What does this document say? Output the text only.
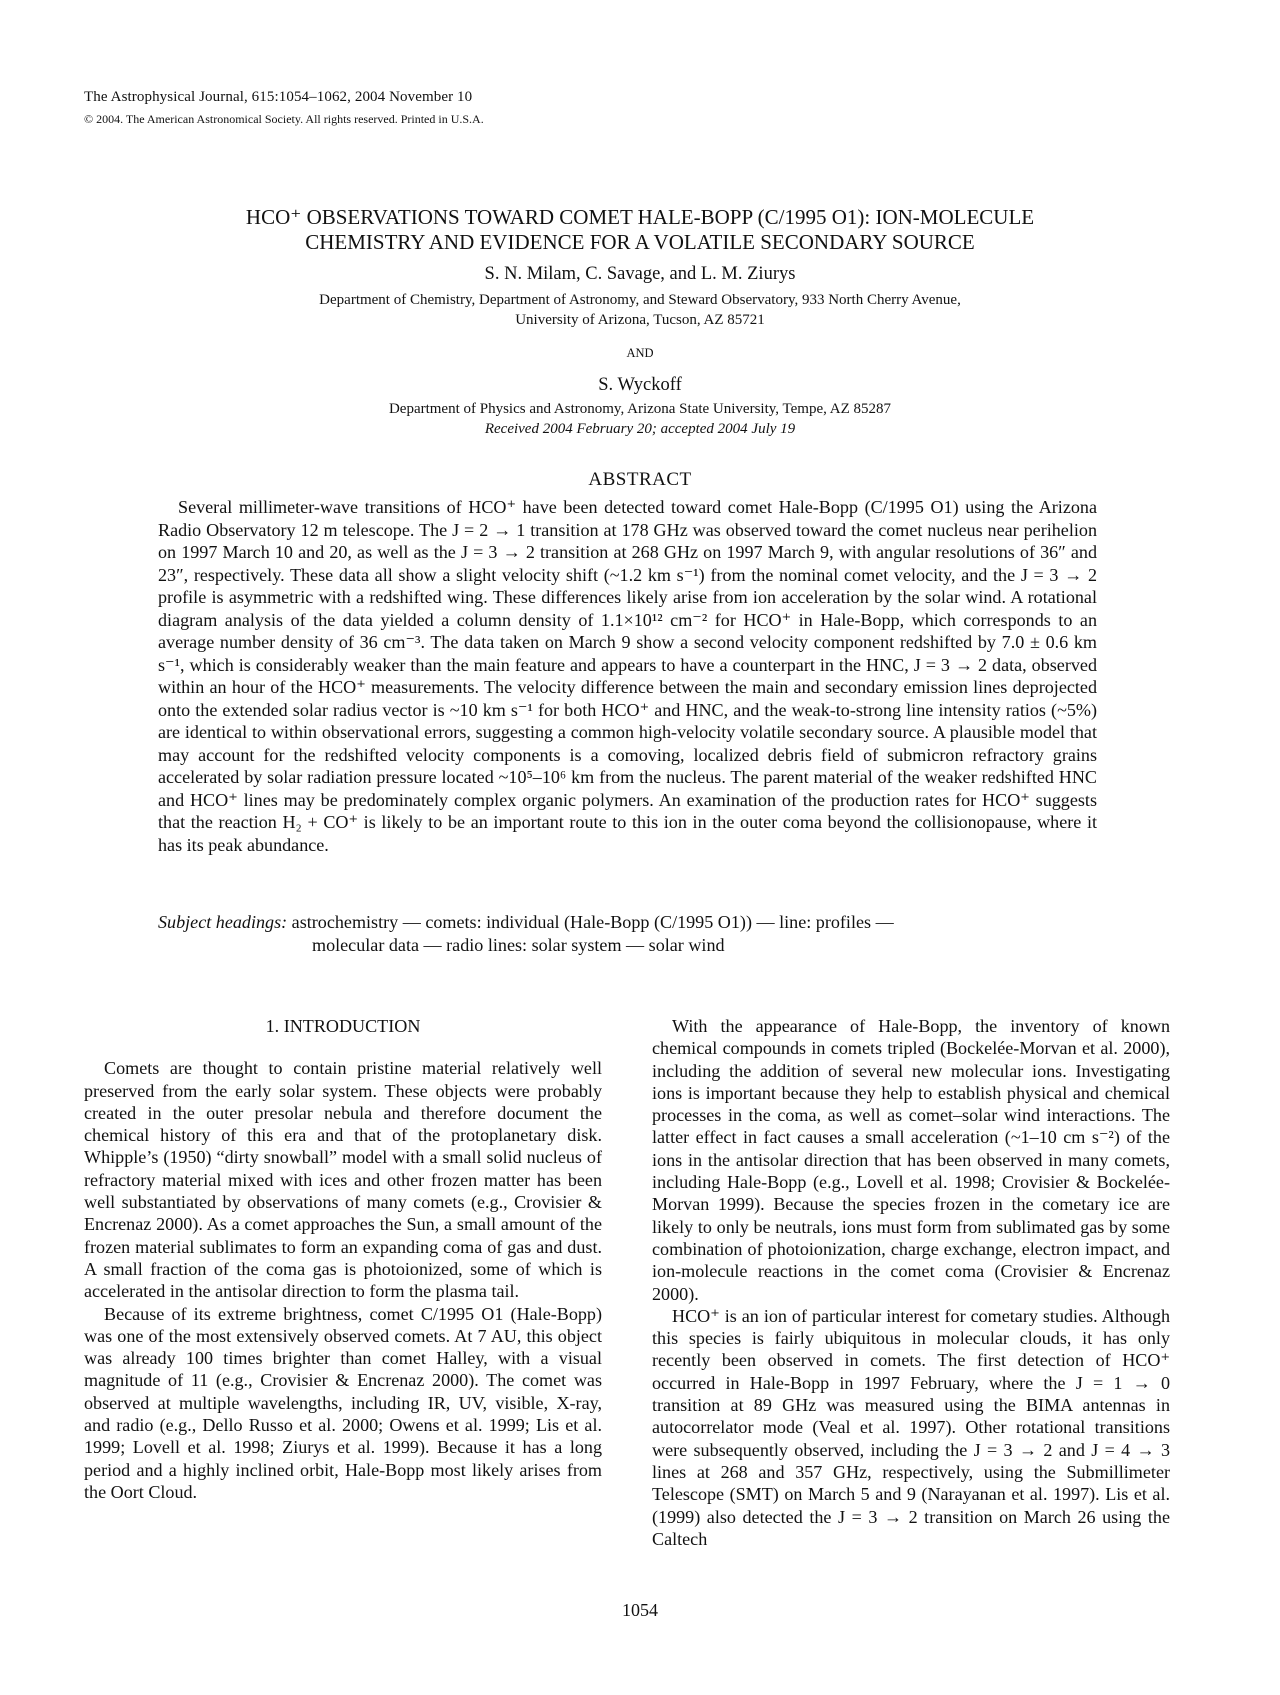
The Astrophysical Journal, 615:1054–1062, 2004 November 10
© 2004. The American Astronomical Society. All rights reserved. Printed in U.S.A.
HCO⁺ OBSERVATIONS TOWARD COMET HALE-BOPP (C/1995 O1): ION-MOLECULE
CHEMISTRY AND EVIDENCE FOR A VOLATILE SECONDARY SOURCE
S. N. Milam, C. Savage, and L. M. Ziurys
Department of Chemistry, Department of Astronomy, and Steward Observatory, 933 North Cherry Avenue,
University of Arizona, Tucson, AZ 85721
AND
S. Wyckoff
Department of Physics and Astronomy, Arizona State University, Tempe, AZ 85287
Received 2004 February 20; accepted 2004 July 19
ABSTRACT
Several millimeter-wave transitions of HCO⁺ have been detected toward comet Hale-Bopp (C/1995 O1) using the Arizona Radio Observatory 12 m telescope. The J = 2 → 1 transition at 178 GHz was observed toward the comet nucleus near perihelion on 1997 March 10 and 20, as well as the J = 3 → 2 transition at 268 GHz on 1997 March 9, with angular resolutions of 36″ and 23″, respectively. These data all show a slight velocity shift (~1.2 km s⁻¹) from the nominal comet velocity, and the J = 3 → 2 profile is asymmetric with a redshifted wing. These differences likely arise from ion acceleration by the solar wind. A rotational diagram analysis of the data yielded a column density of 1.1×10¹² cm⁻² for HCO⁺ in Hale-Bopp, which corresponds to an average number density of 36 cm⁻³. The data taken on March 9 show a second velocity component redshifted by 7.0 ± 0.6 km s⁻¹, which is considerably weaker than the main feature and appears to have a counterpart in the HNC, J = 3 → 2 data, observed within an hour of the HCO⁺ measurements. The velocity difference between the main and secondary emission lines deprojected onto the extended solar radius vector is ~10 km s⁻¹ for both HCO⁺ and HNC, and the weak-to-strong line intensity ratios (~5%) are identical to within observational errors, suggesting a common high-velocity volatile secondary source. A plausible model that may account for the redshifted velocity components is a comoving, localized debris field of submicron refractory grains accelerated by solar radiation pressure located ~10⁵–10⁶ km from the nucleus. The parent material of the weaker redshifted HNC and HCO⁺ lines may be predominately complex organic polymers. An examination of the production rates for HCO⁺ suggests that the reaction H₂ + CO⁺ is likely to be an important route to this ion in the outer coma beyond the collisionopause, where it has its peak abundance.
Subject headings: astrochemistry — comets: individual (Hale-Bopp (C/1995 O1)) — line: profiles —
molecular data — radio lines: solar system — solar wind
1. INTRODUCTION

Comets are thought to contain pristine material relatively well preserved from the early solar system. These objects were probably created in the outer presolar nebula and therefore document the chemical history of this era and that of the protoplanetary disk. Whipple’s (1950) “dirty snowball” model with a small solid nucleus of refractory material mixed with ices and other frozen matter has been well substantiated by observations of many comets (e.g., Crovisier & Encrenaz 2000). As a comet approaches the Sun, a small amount of the frozen material sublimates to form an expanding coma of gas and dust. A small fraction of the coma gas is photoionized, some of which is accelerated in the antisolar direction to form the plasma tail.

Because of its extreme brightness, comet C/1995 O1 (Hale-Bopp) was one of the most extensively observed comets. At 7 AU, this object was already 100 times brighter than comet Halley, with a visual magnitude of 11 (e.g., Crovisier & Encrenaz 2000). The comet was observed at multiple wavelengths, including IR, UV, visible, X-ray, and radio (e.g., Dello Russo et al. 2000; Owens et al. 1999; Lis et al. 1999; Lovell et al. 1998; Ziurys et al. 1999). Because it has a long period and a highly inclined orbit, Hale-Bopp most likely arises from the Oort Cloud.

With the appearance of Hale-Bopp, the inventory of known chemical compounds in comets tripled (Bockelée-Morvan et al. 2000), including the addition of several new molecular ions. Investigating ions is important because they help to establish physical and chemical processes in the coma, as well as comet–solar wind interactions. The latter effect in fact causes a small acceleration (~1–10 cm s⁻²) of the ions in the antisolar direction that has been observed in many comets, including Hale-Bopp (e.g., Lovell et al. 1998; Crovisier & Bockelée-Morvan 1999). Because the species frozen in the cometary ice are likely to only be neutrals, ions must form from sublimated gas by some combination of photoionization, charge exchange, electron impact, and ion-molecule reactions in the comet coma (Crovisier & Encrenaz 2000).

HCO⁺ is an ion of particular interest for cometary studies. Although this species is fairly ubiquitous in molecular clouds, it has only recently been observed in comets. The first detection of HCO⁺ occurred in Hale-Bopp in 1997 February, where the J = 1 → 0 transition at 89 GHz was measured using the BIMA antennas in autocorrelator mode (Veal et al. 1997). Other rotational transitions were subsequently observed, including the J = 3 → 2 and J = 4 → 3 lines at 268 and 357 GHz, respectively, using the Submillimeter Telescope (SMT) on March 5 and 9 (Narayanan et al. 1997). Lis et al. (1999) also detected the J = 3 → 2 transition on March 26 using the Caltech

1054
